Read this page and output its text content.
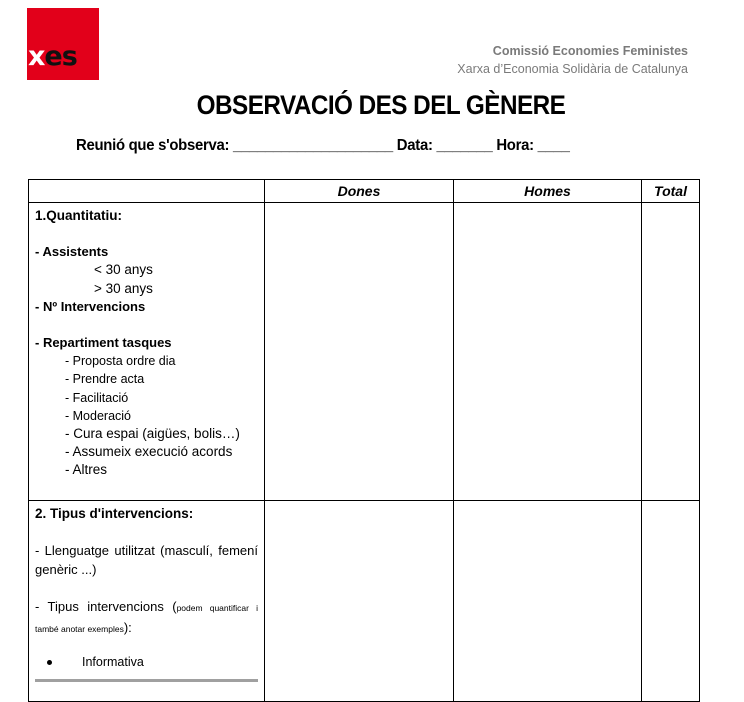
xes	Comissió Economies Feministes
Xarxa d’Economia Solidària de Catalunya
OBSERVACIÓ DES DEL GÈNERE
Reunió que s'observa: ____________________ Data: _______ Hora: ____
	Dones	Homes	Total

1.Quantitatiu:
- Assistents
< 30 anys
> 30 anys
- Nº Intervencions
- Repartiment tasques
- Proposta ordre dia
- Prendre acta
- Facilitació
- Moderació
- Cura espai (aigües, bolis…)
- Assumeix execució acords
- Altres

2. Tipus d'intervencions:
- Llenguatge utilitzat (masculí, femení genèric ...)
- Tipus intervencions (podem quantificar i també anotar exemples):
Informativa			
